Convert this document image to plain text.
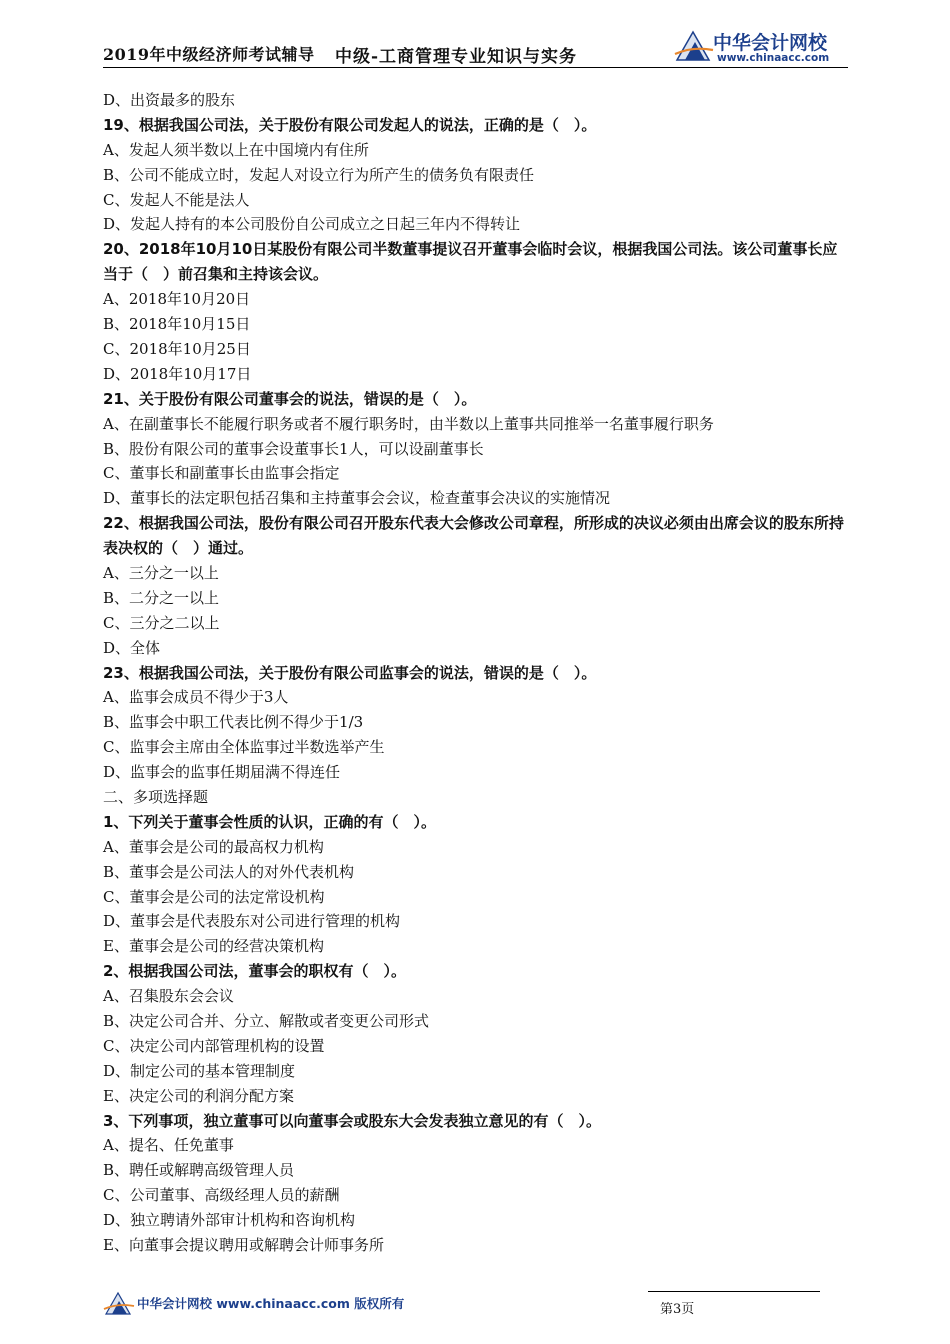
2019年中级经济师考试辅导 中级-工商管理专业知识与实务
中华会计网校
www.chinaacc.com
D、出资最多的股东
19、根据我国公司法，关于股份有限公司发起人的说法，正确的是（　）。
A、发起人须半数以上在中国境内有住所
B、公司不能成立时，发起人对设立行为所产生的债务负有限责任
C、发起人不能是法人
D、发起人持有的本公司股份自公司成立之日起三年内不得转让
20、2018年10月10日某股份有限公司半数董事提议召开董事会临时会议，根据我国公司法。该公司董事长应当于（　）前召集和主持该会议。
A、2018年10月20日
B、2018年10月15日
C、2018年10月25日
D、2018年10月17日
21、关于股份有限公司董事会的说法，错误的是（　）。
A、在副董事长不能履行职务或者不履行职务时，由半数以上董事共同推举一名董事履行职务
B、股份有限公司的董事会设董事长1人，可以设副董事长
C、董事长和副董事长由监事会指定
D、董事长的法定职包括召集和主持董事会会议，检查董事会决议的实施情况
22、根据我国公司法，股份有限公司召开股东代表大会修改公司章程，所形成的决议必须由出席会议的股东所持表决权的（　）通过。
A、三分之一以上
B、二分之一以上
C、三分之二以上
D、全体
23、根据我国公司法，关于股份有限公司监事会的说法，错误的是（　）。
A、监事会成员不得少于3人
B、监事会中职工代表比例不得少于1/3
C、监事会主席由全体监事过半数选举产生
D、监事会的监事任期届满不得连任
二、多项选择题
1、下列关于董事会性质的认识，正确的有（　）。
A、董事会是公司的最高权力机构
B、董事会是公司法人的对外代表机构
C、董事会是公司的法定常设机构
D、董事会是代表股东对公司进行管理的机构
E、董事会是公司的经营决策机构
2、根据我国公司法，董事会的职权有（　）。
A、召集股东会会议
B、决定公司合并、分立、解散或者变更公司形式
C、决定公司内部管理机构的设置
D、制定公司的基本管理制度
E、决定公司的利润分配方案
3、下列事项，独立董事可以向董事会或股东大会发表独立意见的有（　）。
A、提名、任免董事
B、聘任或解聘高级管理人员
C、公司董事、高级经理人员的薪酬
D、独立聘请外部审计机构和咨询机构
E、向董事会提议聘用或解聘会计师事务所
中华会计网校 www.chinaacc.com 版权所有	第3页
